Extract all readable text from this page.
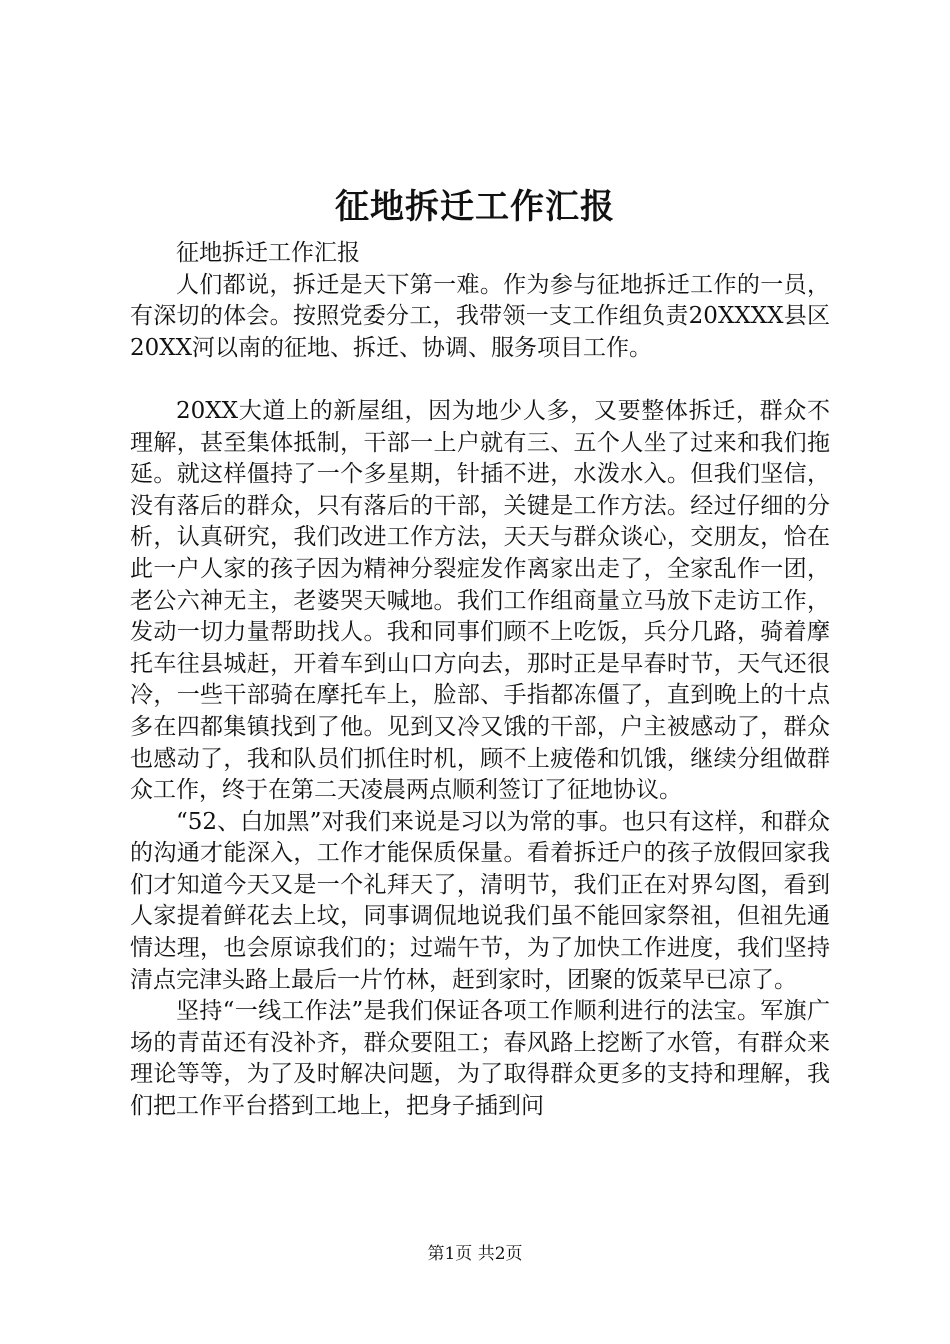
征地拆迁工作汇报

征地拆迁工作汇报

人们都说，拆迁是天下第一难。作为参与征地拆迁工作的一员，有深切的体会。按照党委分工，我带领一支工作组负责20XXXX县区20XX河以南的征地、拆迁、协调、服务项目工作。

20XX大道上的新屋组，因为地少人多，又要整体拆迁，群众不理解，甚至集体抵制，干部一上户就有三、五个人坐了过来和我们拖延。就这样僵持了一个多星期，针插不进，水泼水入。但我们坚信，没有落后的群众，只有落后的干部，关键是工作方法。经过仔细的分析，认真研究，我们改进工作方法，天天与群众谈心，交朋友，恰在此一户人家的孩子因为精神分裂症发作离家出走了，全家乱作一团，老公六神无主，老婆哭天喊地。我们工作组商量立马放下走访工作，发动一切力量帮助找人。我和同事们顾不上吃饭，兵分几路，骑着摩托车往县城赶，开着车到山口方向去，那时正是早春时节，天气还很冷，一些干部骑在摩托车上，脸部、手指都冻僵了，直到晚上的十点多在四都集镇找到了他。见到又冷又饿的干部，户主被感动了，群众也感动了，我和队员们抓住时机，顾不上疲倦和饥饿，继续分组做群众工作，终于在第二天凌晨两点顺利签订了征地协议。

“52、白加黑”对我们来说是习以为常的事。也只有这样，和群众的沟通才能深入，工作才能保质保量。看着拆迁户的孩子放假回家我们才知道今天又是一个礼拜天了，清明节，我们正在对界勾图，看到人家提着鲜花去上坟，同事调侃地说我们虽不能回家祭祖，但祖先通情达理，也会原谅我们的；过端午节，为了加快工作进度，我们坚持清点完津头路上最后一片竹林，赶到家时，团聚的饭菜早已凉了。

坚持“一线工作法”是我们保证各项工作顺利进行的法宝。军旗广场的青苗还有没补齐，群众要阻工；春风路上挖断了水管，有群众来理论等等，为了及时解决问题，为了取得群众更多的支持和理解，我们把工作平台搭到工地上，把身子插到问

第1页 共2页
